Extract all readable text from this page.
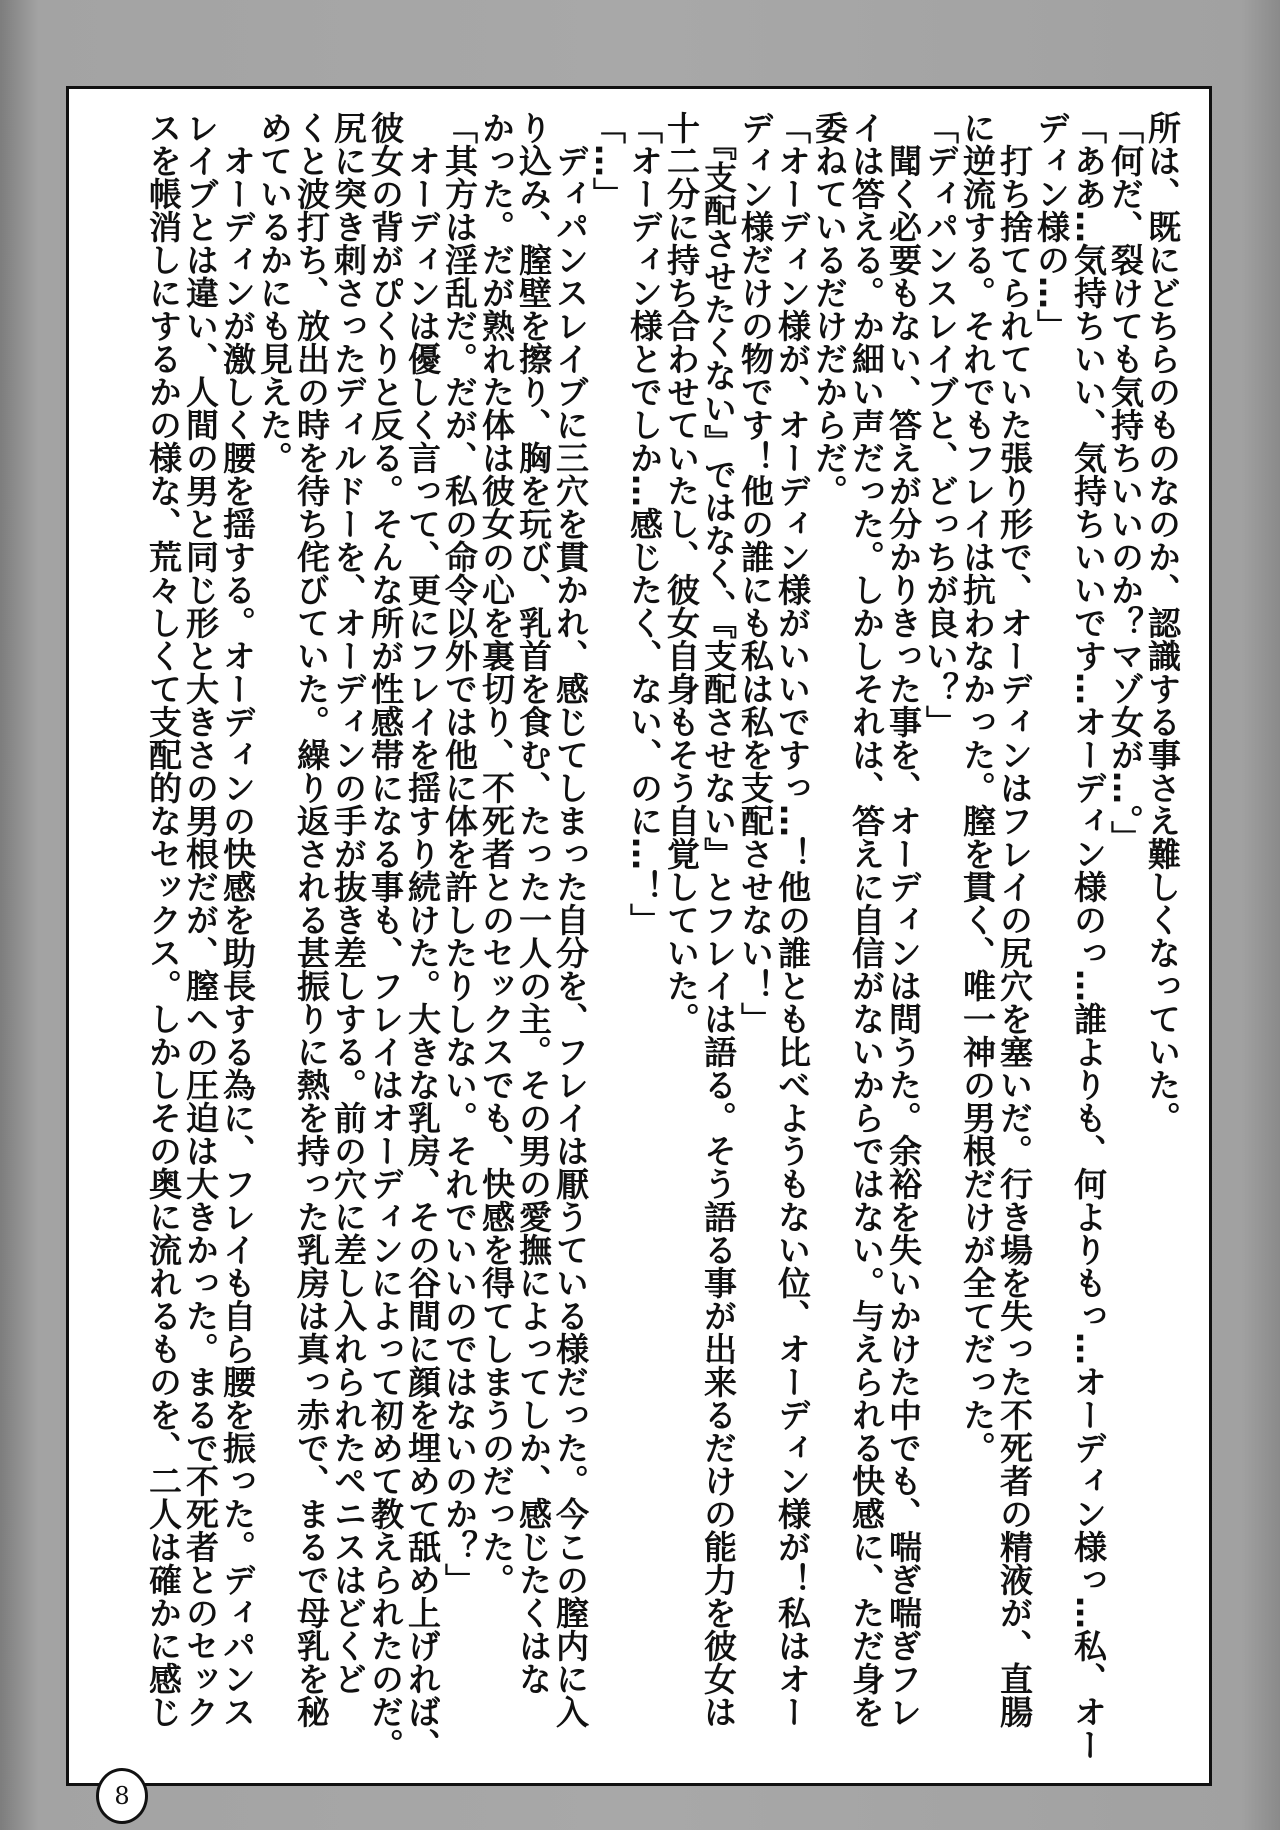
所は、既にどちらのものなのか、認識する事さえ難しくなっていた。
「何だ、裂けても気持ちいいのか？マゾ女が…。」
「ああ…気持ちいい、気持ちいいです…オーディン様のっ…誰よりも、何よりもっ…オーディン様っ…私、オー
ディン様の…」
　打ち捨てられていた張り形で、オーディンはフレイの尻穴を塞いだ。行き場を失った不死者の精液が、直腸
に逆流する。それでもフレイは抗わなかった。膣を貫く、唯一神の男根だけが全てだった。
「ディパンスレイブと、どっちが良い？」
　聞く必要もない、答えが分かりきった事を、オーディンは問うた。余裕を失いかけた中でも、喘ぎ喘ぎフレ
イは答える。か細い声だった。しかしそれは、答えに自信がないからではない。与えられる快感に、ただ身を
委ねているだけだからだ。
「オーディン様が、オーディン様がいいですっ…！他の誰とも比べようもない位、オーディン様が！私はオー
ディン様だけの物です！他の誰にも私は私を支配させない！」
　『支配させたくない』ではなく、『支配させない』とフレイは語る。そう語る事が出来るだけの能力を彼女は
十二分に持ち合わせていたし、彼女自身もそう自覚していた。
「オーディン様とでしか…感じたく、ない、のに…！」
「…」
　ディパンスレイブに三穴を貫かれ、感じてしまった自分を、フレイは厭うている様だった。今この膣内に入
り込み、膣壁を擦り、胸を玩び、乳首を食む、たった一人の主。その男の愛撫によってしか、感じたくはな
かった。だが熟れた体は彼女の心を裏切り、不死者とのセックスでも、快感を得てしまうのだった。
「其方は淫乱だ。だが、私の命令以外では他に体を許したりしない。それでいいのではないのか？」
　オーディンは優しく言って、更にフレイを揺すり続けた。大きな乳房、その谷間に顔を埋めて舐め上げれば、
彼女の背がぴくりと反る。そんな所が性感帯になる事も、フレイはオーディンによって初めて教えられたのだ。
尻に突き刺さったディルドーを、オーディンの手が抜き差しする。前の穴に差し入れられたペニスはどくど
くと波打ち、放出の時を待ち侘びていた。繰り返される甚振りに熱を持った乳房は真っ赤で、まるで母乳を秘
めているかにも見えた。
　オーディンが激しく腰を揺する。オーディンの快感を助長する為に、フレイも自ら腰を振った。ディパンス
レイブとは違い、人間の男と同じ形と大きさの男根だが、膣への圧迫は大きかった。まるで不死者とのセック
スを帳消しにするかの様な、荒々しくて支配的なセックス。しかしその奥に流れるものを、二人は確かに感じ
8
